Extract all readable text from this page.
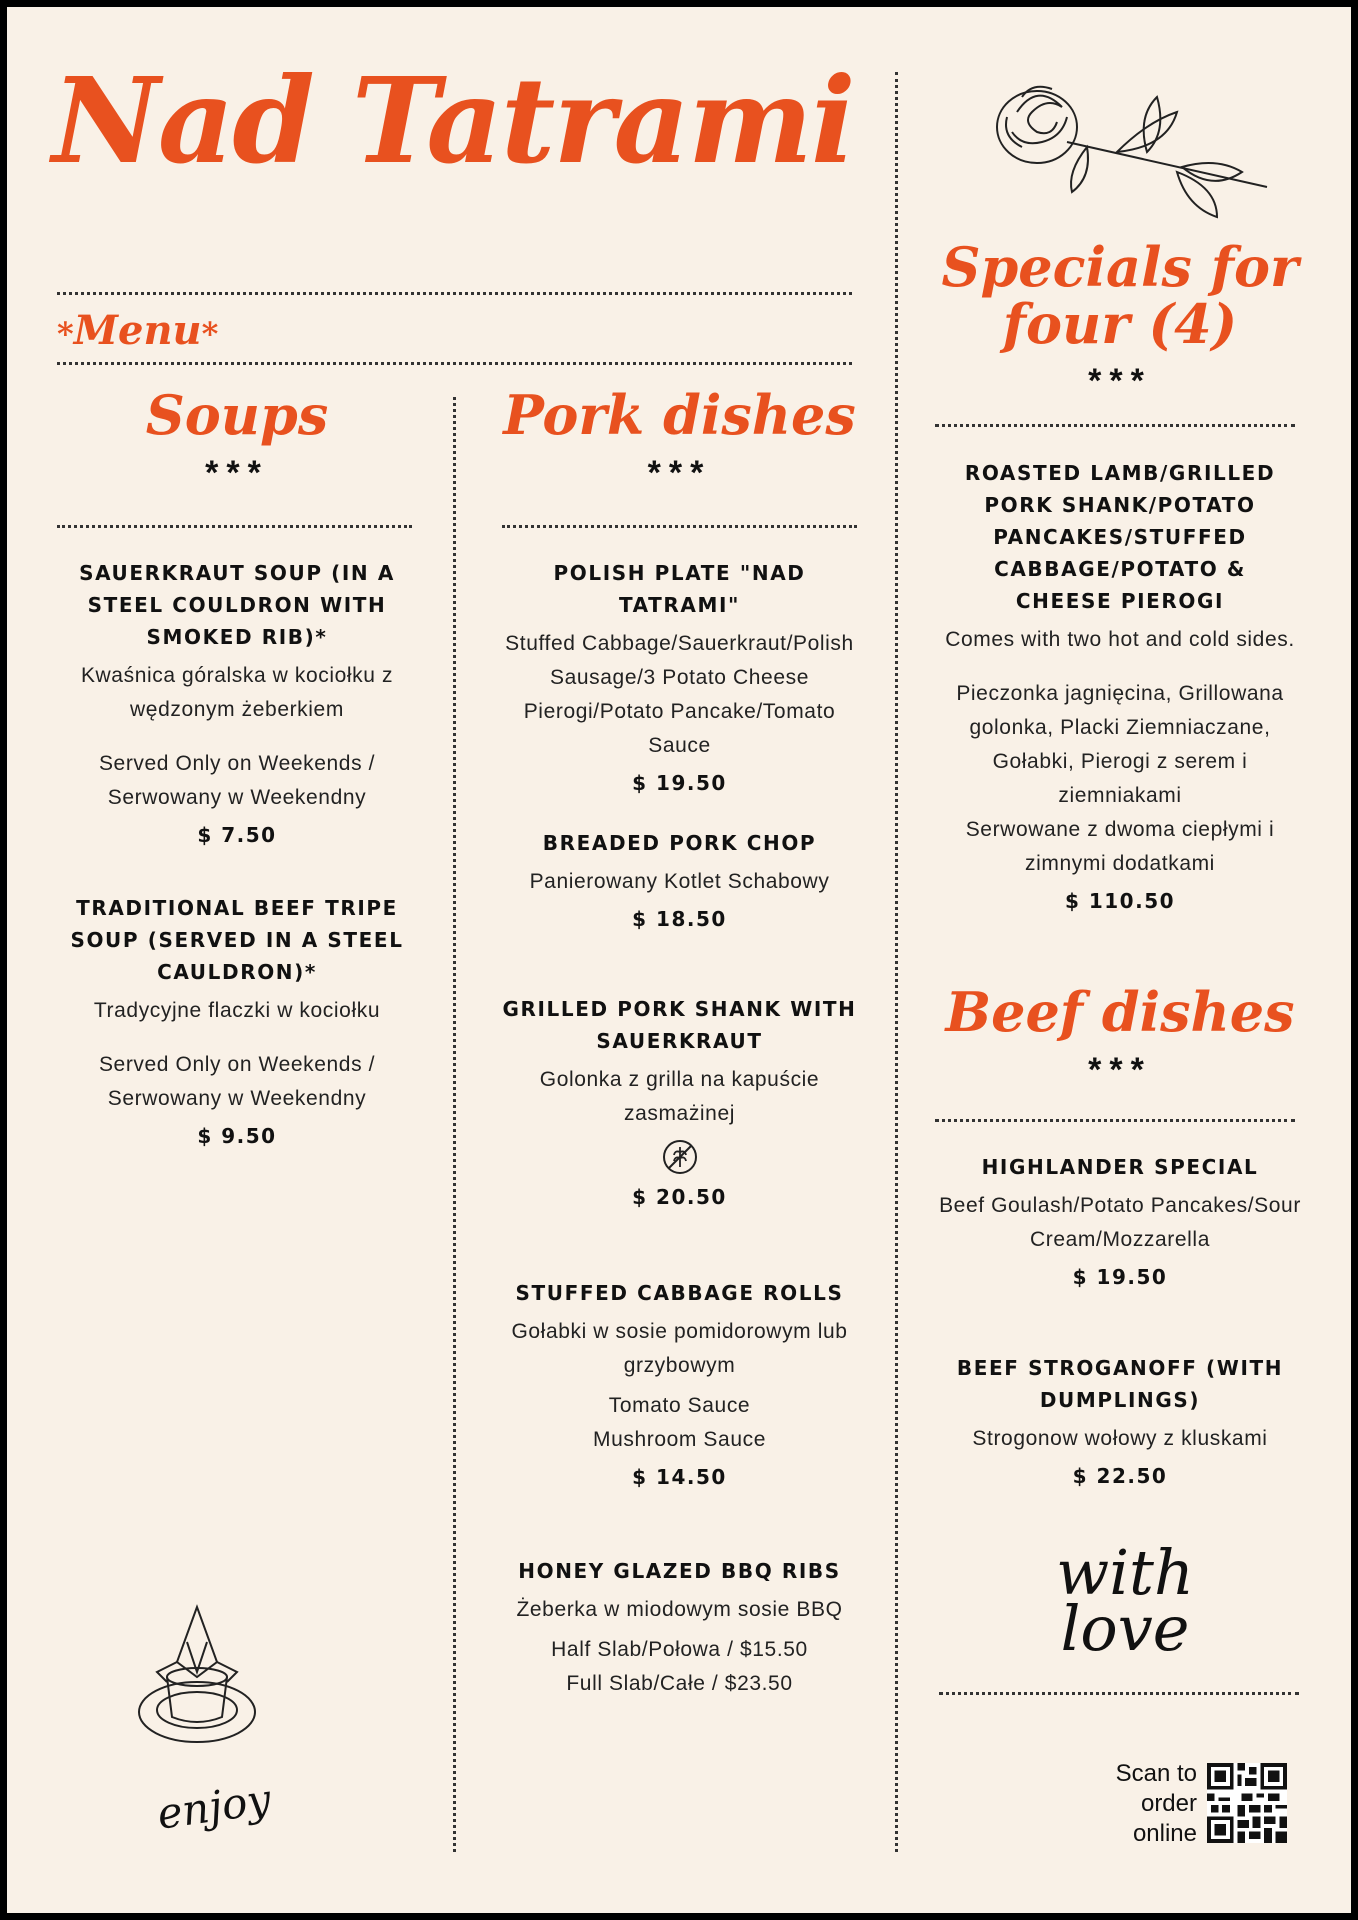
Nad Tatrami
*Menu*
Soups
***
SAUERKRAUT SOUP (IN A STEEL COULDRON WITH SMOKED RIB)*
Kwaśnica góralska w kociołku z wędzonym żeberkiem
Served Only on Weekends / Serwowany w Weekendny
$ 7.50
TRADITIONAL BEEF TRIPE SOUP (SERVED IN A STEEL CAULDRON)*
Tradycyjne flaczki w kociołku
Served Only on Weekends / Serwowany w Weekendny
$ 9.50
enjoy
Pork dishes
***
POLISH PLATE "NAD TATRAMI"
Stuffed Cabbage/Sauerkraut/Polish Sausage/3 Potato Cheese Pierogi/Potato Pancake/Tomato Sauce
$ 19.50
BREADED PORK CHOP
Panierowany Kotlet Schabowy
$ 18.50
GRILLED PORK SHANK WITH SAUERKRAUT
Golonka z grilla na kapuście zasmażinej
$ 20.50
STUFFED CABBAGE ROLLS
Gołabki w sosie pomidorowym lub grzybowym
Tomato Sauce
Mushroom Sauce
$ 14.50
HONEY GLAZED BBQ RIBS
Żeberka w miodowym sosie BBQ
Half Slab/Połowa / $15.50
Full Slab/Całe / $23.50
Specials for
four (4)
***
ROASTED LAMB/GRILLED PORK SHANK/POTATO PANCAKES/STUFFED CABBAGE/POTATO & CHEESE PIEROGI
Comes with two hot and cold sides.
Pieczonka jagnięcina, Grillowana golonka, Placki Ziemniaczane, Gołabki, Pierogi z serem i ziemniakami
Serwowane z dwoma ciepłymi i zimnymi dodatkami
$ 110.50
Beef dishes
***
HIGHLANDER SPECIAL
Beef Goulash/Potato Pancakes/Sour Cream/Mozzarella
$ 19.50
BEEF STROGANOFF (WITH DUMPLINGS)
Strogonow wołowy z kluskami
$ 22.50
with
love
Scan to
order
online
